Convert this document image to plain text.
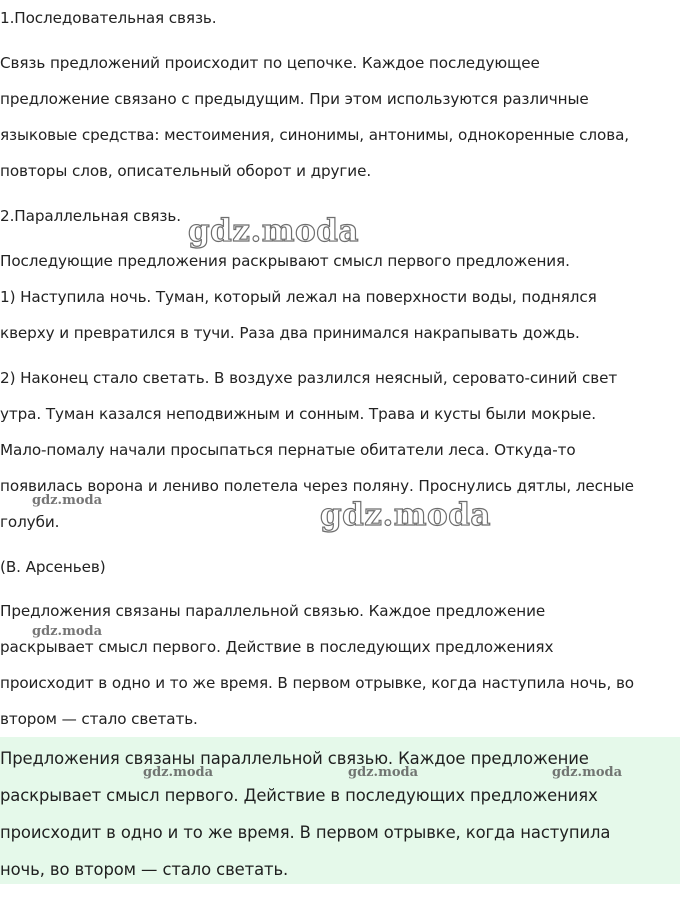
1.Последовательная связь.
Связь предложений происходит по цепочке. Каждое последующее
предложение связано с предыдущим. При этом используются различные
языковые средства: местоимения, синонимы, антонимы, однокоренные слова,
повторы слов, описательный оборот и другие.
2.Параллельная связь.
Последующие предложения раскрывают смысл первого предложения.
1) Наступила ночь. Туман, который лежал на поверхности воды, поднялся
кверху и превратился в тучи. Раза два принимался накрапывать дождь.
2) Наконец стало светать. В воздухе разлился неясный, серовато-синий свет
утра. Туман казался неподвижным и сонным. Трава и кусты были мокрые.
Мало-помалу начали просыпаться пернатые обитатели леса. Откуда-то
появилась ворона и лениво полетела через поляну. Проснулись дятлы, лесные
голуби.
(В. Арсеньев)
Предложения связаны параллельной связью. Каждое предложение
раскрывает смысл первого. Действие в последующих предложениях
происходит в одно и то же время. В первом отрывке, когда наступила ночь, во
втором — стало светать.
Предложения связаны параллельной связью. Каждое предложение
раскрывает смысл первого. Действие в последующих предложениях
происходит в одно и то же время. В первом отрывке, когда наступила
ночь, во втором — стало светать.
gdz.moda
gdz.moda
gdz.moda
gdz.moda
gdz.moda	gdz.moda	gdz.moda
